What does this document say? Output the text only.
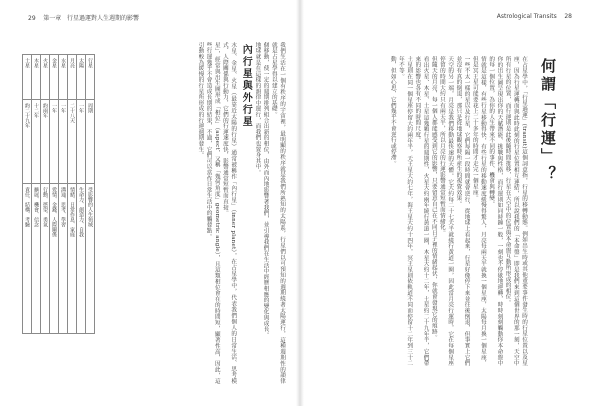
29 第一章 行星過運對人生週期的影響
土星	木星	火星	金星	水星	月亮	太陽	行星
約二十九年	十二年	約兩年	一年	一年	二十八天	一年	周期
責任、結構、考驗	擴展、機會、信念	行動、慾望、勇氣	愛情、金錢、人際關係	溝通、思考、學習	情緒、日常作息、家庭	生命力、創造力、自我	受影響的人生領域	我們生活在一個有秩序的宇宙裡，最明顯的秩序就是我們所熟知的太陽系，行星們以可預知的週期繞著太陽運行，這種週期性的韻律就是占星學得以建立的基礎。

個移動，使一定的週期排列組合出新的相位，由外而內地影響著我們，並引導我們在生活中經歷相應的變化與成長。

地球就是在這樣的韻律中運行，而我們也置身其中。

內行星與外行星

水星、金星、火星（最靠近太陽的行星）通常被稱作「內行星」（inner planet），在占星學中，代表我們個人的日常生活、思考模式、人際關係與行動力，它們的行運速度快，影響通常短暫而直接。

星」，經常與出生圖形成「相位」（aspect，又稱「幾何角度」geometric angle），且這類相位會在的時間短，顯著性高，因此，這些行運幾乎不會造成長期的結果，不過，它們可以當作日常生活中的觸發點。

引動較為緩慢的行星所形成的行運週期發生。

Astrological Transits 28
何謂「行運」？

在占星學中，「行星過運」(transit)這個詞意指，行星的移轉動態。例如出生時或其他重要事件發生時的行星位置以及星座，因為行星運轉而與此時此刻的行星位置相互連結，所以說我們的「本命盤」即是我們來到這個世界的那一刻，天空中所有行星的位置，而行運則是此後隨時間推移，行星在天空中的位置與本命盤互動所形成的相位。

你的出生圖呈現出你的天賦潛能、挑戰與性格，而行運則如同時鐘一般，一刻也不停歇地運轉，時時刻刻觸動你本命盤中的每一個位置，為你的人生帶來不同的事件、機會與轉變。

情就是這樣，有些行星移動得快，有些行星的移動速度緩慢得驚人，月亮每兩天半就換一個星座，太陽每月換一個星座，但是冥王星可能要花上二十多年的時間才走完一個星座。

一些不太一樣的星以及行星，它們每隔一段時間就會逆行，從地球上看起來，行星好像停下來並往後倒退，但事實上它們並沒有真的倒退，那只是從地球觀察時所產生的視覺效果。

天空的另一端，月亮是我們移動最快速的天體。它大約每二十七天半就繞行黃道一圈，因此當月亮行運時，它在每個星座停留的時間大約只有兩天半，所以月亮的行運影響通常短暫而情緒化。

但隨天的月亮，每一個人都能感受到它的影響，只要留意自己在不同日子裡的情緒起伏，你就會發現它的痕跡。

看出火星、木星、土星這幾顆行星的週期性，火星大約兩年繞行黃道一圈，木星大約十二年，土星約二十九年半，它們帶來的影響也各有不同的時間尺度。

土星則在同一個星座停留大約兩年半，天王星大約七年，海王星大約十四年，冥王星則依軌道不同而停留十二年到三十二年不等。

動，但如心思，它們幾乎不會逆行或停滯。
